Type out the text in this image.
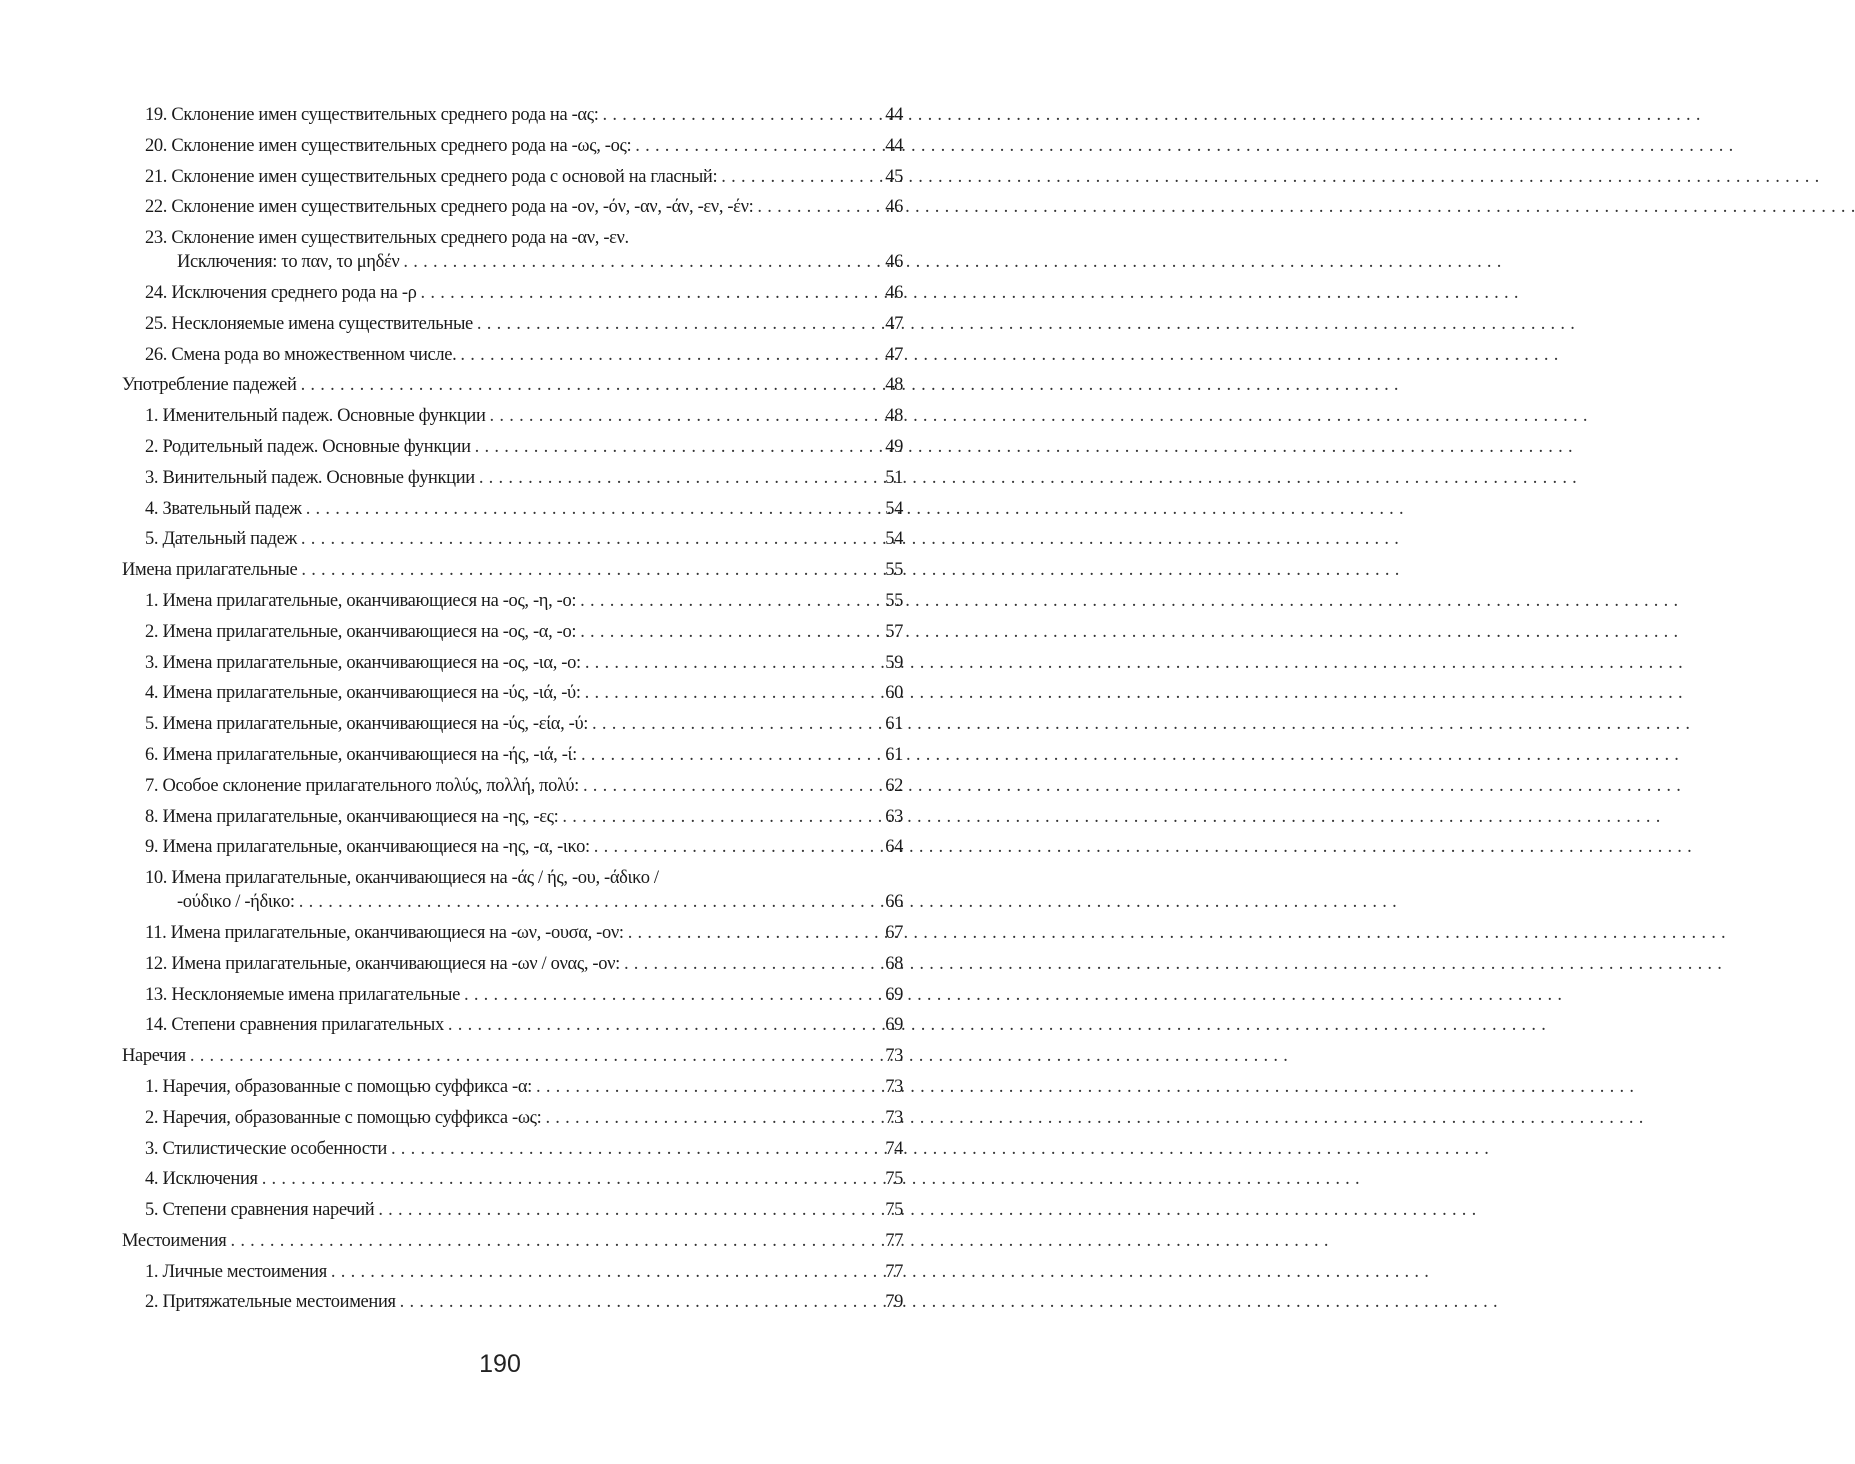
19. Склонение имен существительных среднего рода на -ας: . . .	44
20. Склонение имен существительных среднего рода на -ως, -ος: . . .	44
21. Склонение имен существительных среднего рода с основой на гласный: . . .	45
22. Склонение имен существительных среднего рода на -ον, -όν, -αν, -άν, -εν, -έν: . . .	46
23. Склонение имен существительных среднего рода на -αν, -εν.
Исключения: το παν, το μηδέν . . .	46
24. Исключения среднего рода на -ρ . . .	46
25. Несклоняемые имена существительные . . .	47
26. Смена рода во множественном числе. . . .	47
Употребление падежей . . .	48
1. Именительный падеж. Основные функции . . .	48
2. Родительный падеж. Основные функции . . .	49
3. Винительный падеж. Основные функции . . .	51
4. Звательный падеж . . .	54
5. Дательный падеж . . .	54
Имена прилагательные . . .	55
1. Имена прилагательные, оканчивающиеся на -ος, -η, -ο: . . .	55
2. Имена прилагательные, оканчивающиеся на -ος, -α, -ο: . . .	57
3. Имена прилагательные, оканчивающиеся на -ος, -ια, -ο: . . .	59
4. Имена прилагательные, оканчивающиеся на -ύς, -ιά, -ύ: . . .	60
5. Имена прилагательные, оканчивающиеся на -ύς, -εία, -ύ: . . .	61
6. Имена прилагательные, оканчивающиеся на -ής, -ιά, -ί: . . .	61
7. Особое склонение прилагательного πολύς, πολλή, πολύ: . . .	62
8. Имена прилагательные, оканчивающиеся на -ης, -ες: . . .	63
9. Имена прилагательные, оканчивающиеся на -ης, -α, -ικο: . . .	64
10. Имена прилагательные, оканчивающиеся на -άς / ής, -ου, -άδικο /
-ούδικο / -ήδικο: . . .	66
11. Имена прилагательные, оканчивающиеся на -ων, -ουσα, -ον: . . .	67
12. Имена прилагательные, оканчивающиеся на -ων / ονας, -ον: . . .	68
13. Несклоняемые имена прилагательные . . .	69
14. Степени сравнения прилагательных . . .	69
Наречия . . .	73
1. Наречия, образованные с помощью суффикса -α: . . .	73
2. Наречия, образованные с помощью суффикса -ως: . . .	73
3. Стилистические особенности . . .	74
4. Исключения . . .	75
5. Степени сравнения наречий . . .	75
Местоимения . . .	77
1. Личные местоимения . . .	77
2. Притяжательные местоимения . . .	79
190
